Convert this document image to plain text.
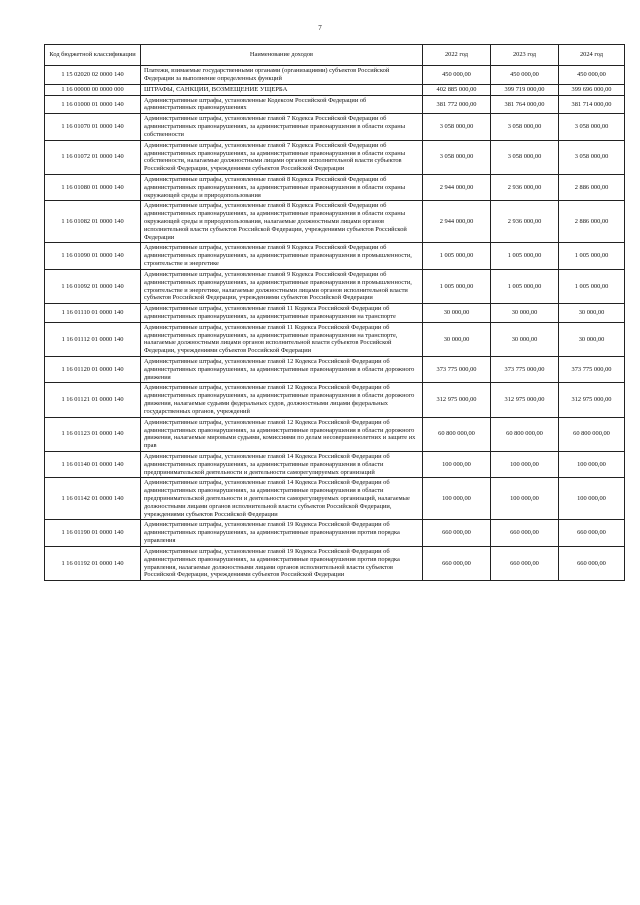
7
Код бюджетной классификации	Наименование доходов	2022 год	2023 год	2024 год
1 15 02020 02 0000 140	Платежи, взимаемые государственными органами (организациями) субъектов Российской Федерации за выполнение определенных функций	450 000,00	450 000,00	450 000,00
1 16 00000 00 0000 000	ШТРАФЫ, САНКЦИИ, ВОЗМЕЩЕНИЕ УЩЕРБА	402 885 000,00	399 719 000,00	399 696 000,00
1 16 01000 01 0000 140	Административные штрафы, установленные Кодексом Российской Федерации об административных правонарушениях	381 772 000,00	381 764 000,00	381 714 000,00
1 16 01070 01 0000 140	Административные штрафы, установленные главой 7 Кодекса Российской Федерации об административных правонарушениях, за административные правонарушения в области охраны собственности	3 058 000,00	3 058 000,00	3 058 000,00
1 16 01072 01 0000 140	Административные штрафы, установленные главой 7 Кодекса Российской Федерации об административных правонарушениях, за административные правонарушения в области охраны собственности, налагаемые должностными лицами органов исполнительной власти субъектов Российской Федерации, учреждениями субъектов Российской Федерации	3 058 000,00	3 058 000,00	3 058 000,00
1 16 01080 01 0000 140	Административные штрафы, установленные главой 8 Кодекса Российской Федерации об административных правонарушениях, за административные правонарушения в области охраны окружающей среды и природопользования	2 944 000,00	2 936 000,00	2 886 000,00
1 16 01082 01 0000 140	Административные штрафы, установленные главой 8 Кодекса Российской Федерации об административных правонарушениях, за административные правонарушения в области охраны окружающей среды и природопользования, налагаемые должностными лицами органов исполнительной власти субъектов Российской Федерации, учреждениями субъектов Российской Федерации	2 944 000,00	2 936 000,00	2 886 000,00
1 16 01090 01 0000 140	Административные штрафы, установленные главой 9 Кодекса Российской Федерации об административных правонарушениях, за административные правонарушения в промышленности, строительстве и энергетике	1 005 000,00	1 005 000,00	1 005 000,00
1 16 01092 01 0000 140	Административные штрафы, установленные главой 9 Кодекса Российской Федерации об административных правонарушениях, за административные правонарушения в промышленности, строительстве и энергетике, налагаемые должностными лицами органов исполнительной власти субъектов Российской Федерации, учреждениями субъектов Российской Федерации	1 005 000,00	1 005 000,00	1 005 000,00
1 16 01110 01 0000 140	Административные штрафы, установленные главой 11 Кодекса Российской Федерации об административных правонарушениях, за административные правонарушения на транспорте	30 000,00	30 000,00	30 000,00
1 16 01112 01 0000 140	Административные штрафы, установленные главой 11 Кодекса Российской Федерации об административных правонарушениях, за административные правонарушения на транспорте, налагаемые должностными лицами органов исполнительной власти субъектов Российской Федерации, учреждениями субъектов Российской Федерации	30 000,00	30 000,00	30 000,00
1 16 01120 01 0000 140	Административные штрафы, установленные главой 12 Кодекса Российской Федерации об административных правонарушениях, за административные правонарушения в области дорожного движения	373 775 000,00	373 775 000,00	373 775 000,00
1 16 01121 01 0000 140	Административные штрафы, установленные главой 12 Кодекса Российской Федерации об административных правонарушениях, за административные правонарушения в области дорожного движения, налагаемые судьями федеральных судов, должностными лицами федеральных государственных органов, учреждений	312 975 000,00	312 975 000,00	312 975 000,00
1 16 01123 01 0000 140	Административные штрафы, установленные главой 12 Кодекса Российской Федерации об административных правонарушениях, за административные правонарушения в области дорожного движения, налагаемые мировыми судьями, комиссиями по делам несовершеннолетних и защите их прав	60 800 000,00	60 800 000,00	60 800 000,00
1 16 01140 01 0000 140	Административные штрафы, установленные главой 14 Кодекса Российской Федерации об административных правонарушениях, за административные правонарушения в области предпринимательской деятельности и деятельности саморегулируемых организаций	100 000,00	100 000,00	100 000,00
1 16 01142 01 0000 140	Административные штрафы, установленные главой 14 Кодекса Российской Федерации об административных правонарушениях, за административные правонарушения в области предпринимательской деятельности и деятельности саморегулируемых организаций, налагаемые должностными лицами органов исполнительной власти субъектов Российской Федерации, учреждениями субъектов Российской Федерации	100 000,00	100 000,00	100 000,00
1 16 01190 01 0000 140	Административные штрафы, установленные главой 19 Кодекса Российской Федерации об административных правонарушениях, за административные правонарушения против порядка управления	660 000,00	660 000,00	660 000,00
1 16 01192 01 0000 140	Административные штрафы, установленные главой 19 Кодекса Российской Федерации об административных правонарушениях, за административные правонарушения против порядка управления, налагаемые должностными лицами органов исполнительной власти субъектов Российской Федерации, учреждениями субъектов Российской Федерации	660 000,00	660 000,00	660 000,00
